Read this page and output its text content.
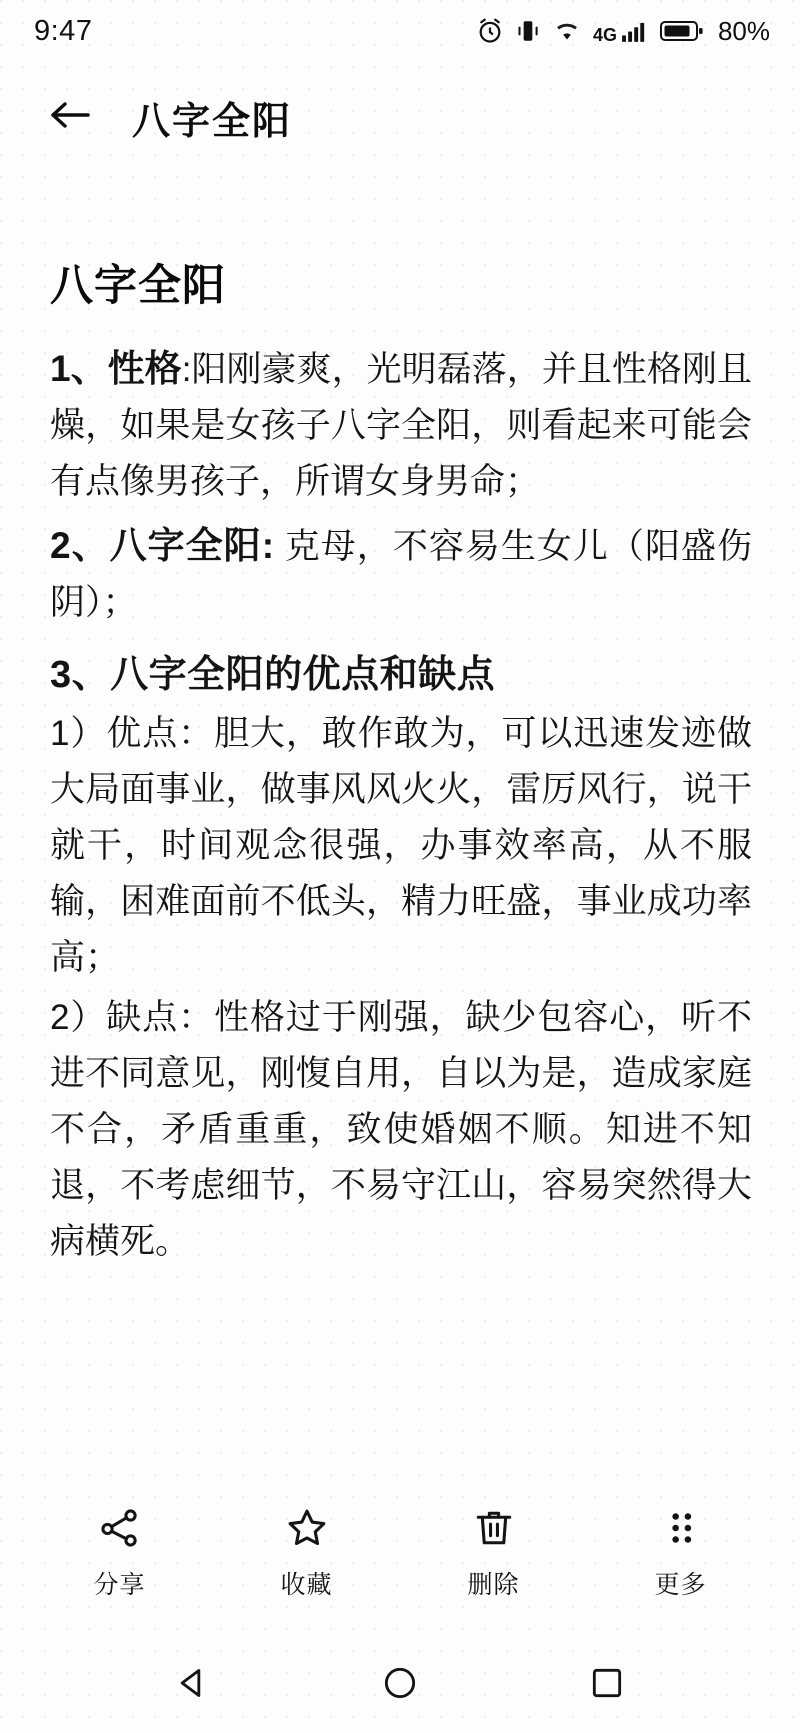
9:47	4G	80%
八字全阳
八字全阳

1、性格:阳刚豪爽，光明磊落，并且性格刚且燥，如果是女孩子八字全阳，则看起来可能会有点像男孩子，所谓女身男命；

2、八字全阳: 克母，不容易生女儿（阳盛伤阴）；

3、八字全阳的优点和缺点

1）优点：胆大，敢作敢为，可以迅速发迹做大局面事业，做事风风火火，雷厉风行，说干就干，时间观念很强，办事效率高，从不服输，困难面前不低头，精力旺盛，事业成功率高；

2）缺点：性格过于刚强，缺少包容心，听不进不同意见，刚愎自用，自以为是，造成家庭不合，矛盾重重，致使婚姻不顺。知进不知退，不考虑细节，不易守江山，容易突然得大病横死。

分享	收藏	删除	更多
